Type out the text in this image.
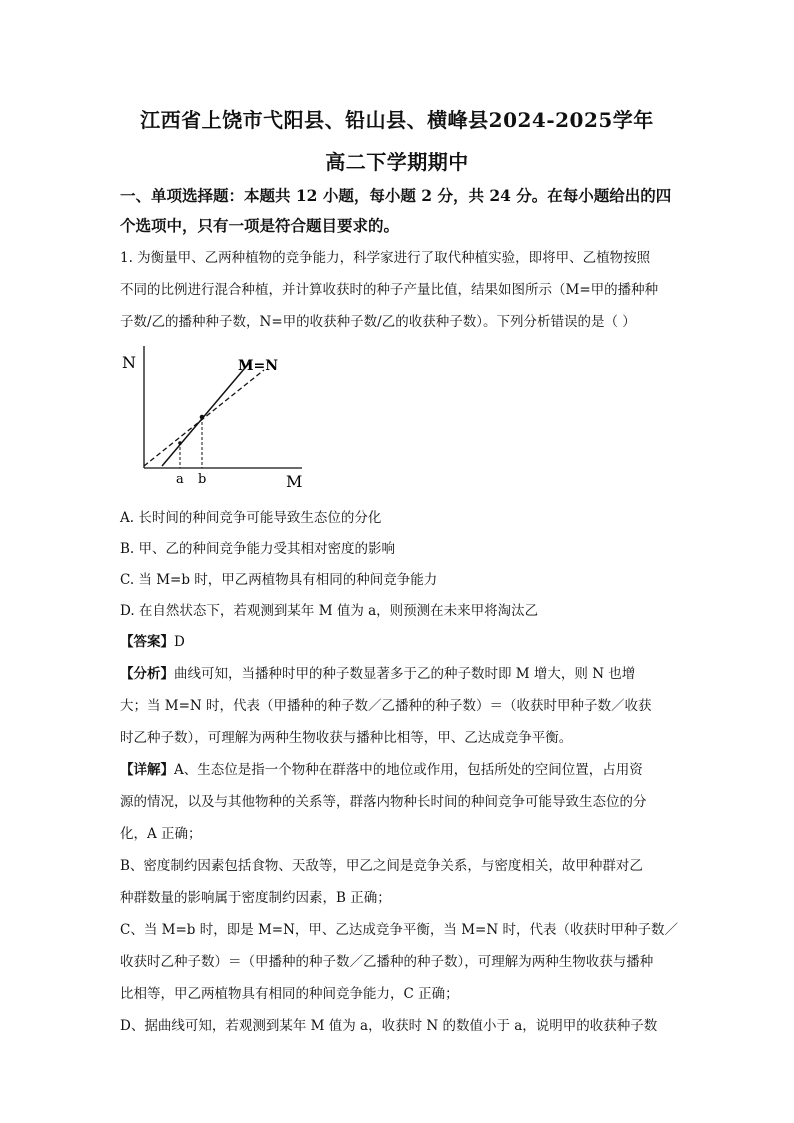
江西省上饶市弋阳县、铅山县、横峰县2024-2025学年
高二下学期期中
一、单项选择题：本题共 12 小题，每小题 2 分，共 24 分。在每小题给出的四
个选项中，只有一项是符合题目要求的。
1. 为衡量甲、乙两种植物的竞争能力，科学家进行了取代种植实验，即将甲、乙植物按照
不同的比例进行混合种植，并计算收获时的种子产量比值，结果如图所示（M=甲的播种种
子数/乙的播种种子数，N=甲的收获种子数/乙的收获种子数）。下列分析错误的是（ ）
N
M
M=N
a b
A. 长时间的种间竞争可能导致生态位的分化
B. 甲、乙的种间竞争能力受其相对密度的影响
C. 当 M=b 时，甲乙两植物具有相同的种间竞争能力
D. 在自然状态下，若观测到某年 M 值为 a，则预测在未来甲将淘汰乙
【答案】D
【分析】曲线可知，当播种时甲的种子数显著多于乙的种子数时即 M 增大，则 N 也增
大；当 M=N 时，代表（甲播种的种子数／乙播种的种子数）＝（收获时甲种子数／收获
时乙种子数），可理解为两种生物收获与播种比相等，甲、乙达成竞争平衡。
【详解】A、生态位是指一个物种在群落中的地位或作用，包括所处的空间位置，占用资
源的情况，以及与其他物种的关系等，群落内物种长时间的种间竞争可能导致生态位的分
化，A 正确；
B、密度制约因素包括食物、天敌等，甲乙之间是竞争关系，与密度相关，故甲种群对乙
种群数量的影响属于密度制约因素，B 正确；
C、当 M=b 时，即是 M=N，甲、乙达成竞争平衡，当 M=N 时，代表（收获时甲种子数／
收获时乙种子数）＝（甲播种的种子数／乙播种的种子数），可理解为两种生物收获与播种
比相等，甲乙两植物具有相同的种间竞争能力，C 正确；
D、据曲线可知，若观测到某年 M 值为 a，收获时 N 的数值小于 a，说明甲的收获种子数
